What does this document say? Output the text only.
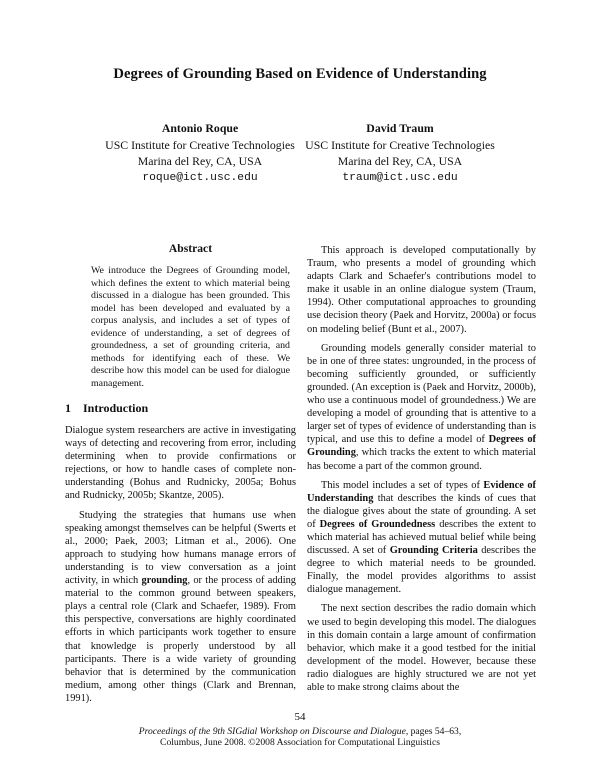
Degrees of Grounding Based on Evidence of Understanding
Antonio Roque
USC Institute for Creative Technologies
Marina del Rey, CA, USA
roque@ict.usc.edu
David Traum
USC Institute for Creative Technologies
Marina del Rey, CA, USA
traum@ict.usc.edu
Abstract

We introduce the Degrees of Grounding model, which defines the extent to which material being discussed in a dialogue has been grounded. This model has been developed and evaluated by a corpus analysis, and includes a set of types of evidence of understanding, a set of degrees of groundedness, a set of grounding criteria, and methods for identifying each of these. We describe how this model can be used for dialogue management.

1 Introduction

Dialogue system researchers are active in investigating ways of detecting and recovering from error, including determining when to provide confirmations or rejections, or how to handle cases of complete non-understanding (Bohus and Rudnicky, 2005a; Bohus and Rudnicky, 2005b; Skantze, 2005).

Studying the strategies that humans use when speaking amongst themselves can be helpful (Swerts et al., 2000; Paek, 2003; Litman et al., 2006). One approach to studying how humans manage errors of understanding is to view conversation as a joint activity, in which grounding, or the process of adding material to the common ground between speakers, plays a central role (Clark and Schaefer, 1989). From this perspective, conversations are highly coordinated efforts in which participants work together to ensure that knowledge is properly understood by all participants. There is a wide variety of grounding behavior that is determined by the communication medium, among other things (Clark and Brennan, 1991).

This approach is developed computationally by Traum, who presents a model of grounding which adapts Clark and Schaefer's contributions model to make it usable in an online dialogue system (Traum, 1994). Other computational approaches to grounding use decision theory (Paek and Horvitz, 2000a) or focus on modeling belief (Bunt et al., 2007).

Grounding models generally consider material to be in one of three states: ungrounded, in the process of becoming sufficiently grounded, or sufficiently grounded. (An exception is (Paek and Horvitz, 2000b), who use a continuous model of groundedness.) We are developing a model of grounding that is attentive to a larger set of types of evidence of understanding than is typical, and use this to define a model of Degrees of Grounding, which tracks the extent to which material has become a part of the common ground.

This model includes a set of types of Evidence of Understanding that describes the kinds of cues that the dialogue gives about the state of grounding. A set of Degrees of Groundedness describes the extent to which material has achieved mutual belief while being discussed. A set of Grounding Criteria describes the degree to which material needs to be grounded. Finally, the model provides algorithms to assist dialogue management.

The next section describes the radio domain which we used to begin developing this model. The dialogues in this domain contain a large amount of confirmation behavior, which make it a good testbed for the initial development of the model. However, because these radio dialogues are highly structured we are not yet able to make strong claims about the

54
Proceedings of the 9th SIGdial Workshop on Discourse and Dialogue, pages 54–63,
Columbus, June 2008. ©2008 Association for Computational Linguistics
